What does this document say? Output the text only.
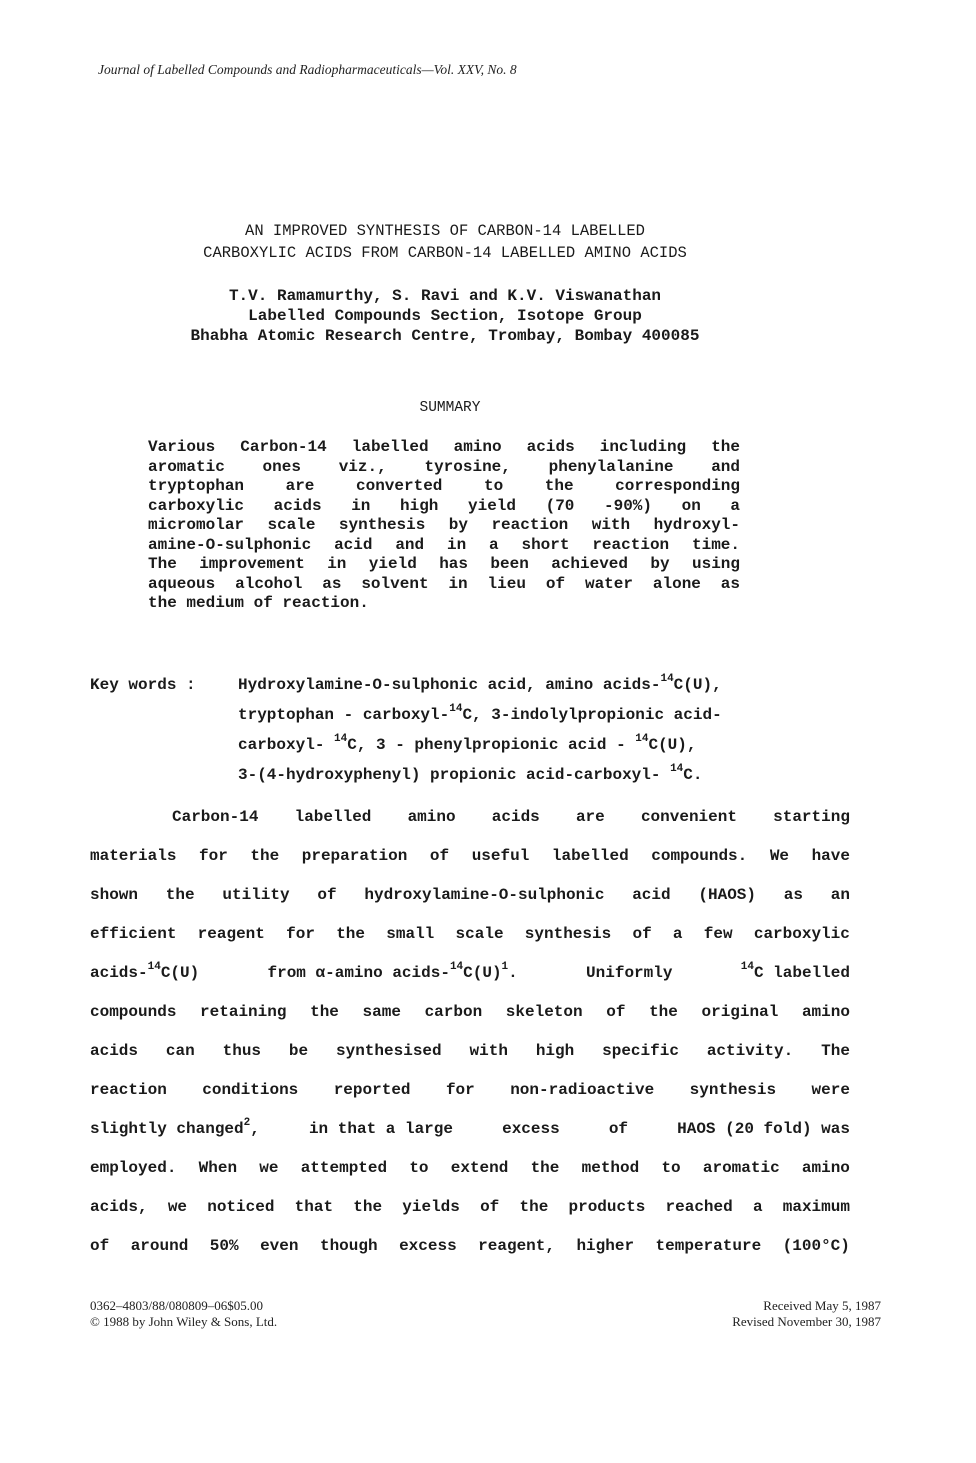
Journal of Labelled Compounds and Radiopharmaceuticals—Vol. XXV, No. 8
AN IMPROVED SYNTHESIS OF CARBON-14 LABELLED
CARBOXYLIC ACIDS FROM CARBON-14 LABELLED AMINO ACIDS
T.V. Ramamurthy, S. Ravi and K.V. Viswanathan
Labelled Compounds Section, Isotope Group
Bhabha Atomic Research Centre, Trombay, Bombay 400085
SUMMARY
Various Carbon-14 labelled amino acids including the
aromatic ones viz., tyrosine, phenylalanine and
tryptophan are converted to the corresponding
carboxylic acids in high yield (70 -90%) on a
micromolar scale synthesis by reaction with hydroxyl-
amine-O-sulphonic acid and in a short reaction time.
The improvement in yield has been achieved by using
aqueous alcohol as solvent in lieu of water alone as
the medium of reaction.
Key words :	Hydroxylamine-O-sulphonic acid, amino acids-$^{14}$C(U),
tryptophan - carboxyl-$^{14}$C, 3-indolylpropionic acid-
carboxyl- $^{14}$C, 3 - phenylpropionic acid - $^{14}$C(U),
3-(4-hydroxyphenyl) propionic acid-carboxyl- $^{14}$C.
Carbon-14 labelled amino acids are convenient starting
materials for the preparation of useful labelled compounds. We have
shown the utility of hydroxylamine-O-sulphonic acid (HAOS) as an
efficient reagent for the small scale synthesis of a few carboxylic
acids-$^{14}$C(U)	from α-amino acids-$^{14}C(U)^1$.	Uniformly	$^{14}$C labelled
compounds retaining the same carbon skeleton of the original amino
acids can thus be synthesised with high specific activity. The
reaction conditions reported for non-radioactive synthesis were
slightly changed$^2$,	in that a large	excess	of	HAOS (20 fold) was
employed. When we attempted to extend the method to aromatic amino
acids, we noticed that the yields of the products reached a maximum
of around 50% even though excess reagent, higher temperature (100°C)
0362–4803/88/080809–06$05.00
© 1988 by John Wiley & Sons, Ltd.
Received May 5, 1987
Revised November 30, 1987
